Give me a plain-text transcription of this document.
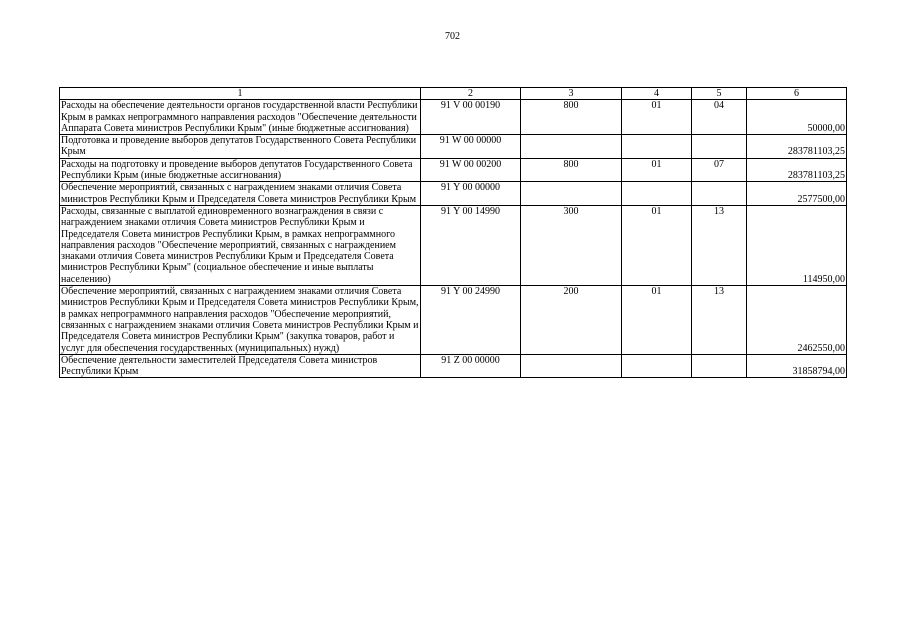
702
1	2	3	4	5	6
Расходы на обеспечение деятельности органов государственной власти Республики Крым в рамках непрограммного направления расходов "Обеспечение деятельности Аппарата Совета министров Республики Крым" (иные бюджетные ассигнования)	91 V 00 00190	800	01	04	50000,00
Подготовка и проведение выборов депутатов Государственного Совета Республики Крым	91 W 00 00000				283781103,25
Расходы на подготовку и проведение выборов депутатов Государственного Совета Республики Крым (иные бюджетные ассигнования)	91 W 00 00200	800	01	07	283781103,25
Обеспечение мероприятий, связанных с награждением знаками отличия Совета министров Республики Крым и Председателя Совета министров Республики Крым	91 Y 00 00000				2577500,00
Расходы, связанные с выплатой единовременного вознаграждения в связи с награждением знаками отличия Совета министров Республики Крым и Председателя Совета министров Республики Крым, в рамках непрограммного направления расходов "Обеспечение мероприятий, связанных с награждением знаками отличия Совета министров Республики Крым и Председателя Совета министров Республики Крым" (социальное обеспечение и иные выплаты населению)	91 Y 00 14990	300	01	13	114950,00
Обеспечение мероприятий, связанных с награждением знаками отличия Совета министров Республики Крым и Председателя Совета министров Республики Крым, в рамках непрограммного направления расходов "Обеспечение мероприятий, связанных с награждением знаками отличия Совета министров Республики Крым и Председателя Совета министров Республики Крым" (закупка товаров, работ и услуг для обеспечения государственных (муниципальных) нужд)	91 Y 00 24990	200	01	13	2462550,00
Обеспечение деятельности заместителей Председателя Совета министров Республики Крым	91 Z 00 00000				31858794,00
